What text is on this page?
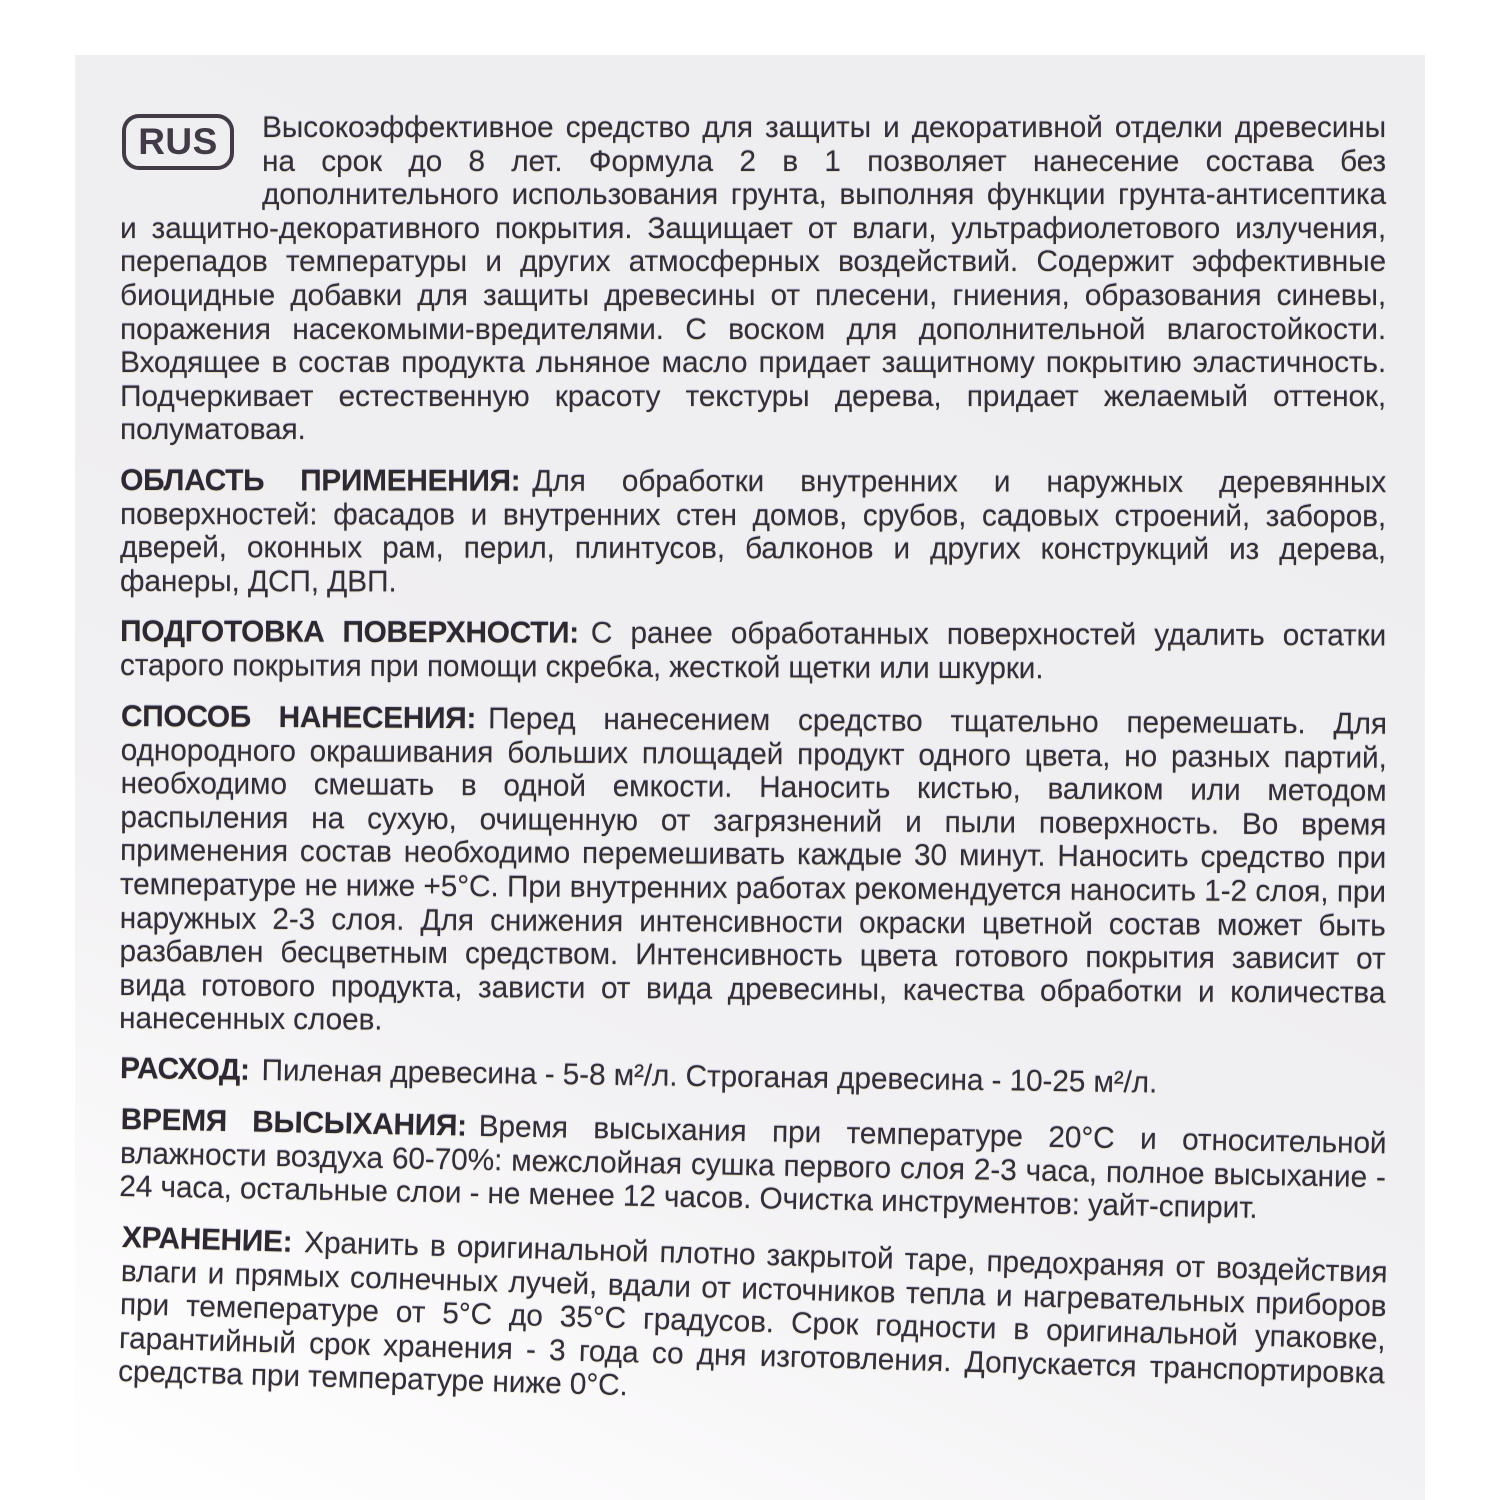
RUS Высокоэффективное средство для защиты и декоративной отделки древесины на срок до 8 лет. Формула 2 в 1 позволяет нанесение состава без дополнительного использования грунта, выполняя функции грунта-антисептика и защитно-декоративного покрытия. Защищает от влаги, ультрафиолетового излучения, перепадов температуры и других атмосферных воздействий. Содержит эффективные биоцидные добавки для защиты древесины от плесени, гниения, образования синевы, поражения насекомыми-вредителями. С воском для дополнительной влагостойкости. Входящее в состав продукта льняное масло придает защитному покрытию эластичность. Подчеркивает естественную красоту текстуры дерева, придает желаемый оттенок, полуматовая.

ОБЛАСТЬ ПРИМЕНЕНИЯ: Для обработки внутренних и наружных деревянных поверхностей: фасадов и внутренних стен домов, срубов, садовых строений, заборов, дверей, оконных рам, перил, плинтусов, балконов и других конструкций из дерева, фанеры, ДСП, ДВП.

ПОДГОТОВКА ПОВЕРХНОСТИ: С ранее обработанных поверхностей удалить остатки старого покрытия при помощи скребка, жесткой щетки или шкурки.

СПОСОБ НАНЕСЕНИЯ: Перед нанесением средство тщательно перемешать. Для однородного окрашивания больших площадей продукт одного цвета, но разных партий, необходимо смешать в одной емкости. Наносить кистью, валиком или методом распыления на сухую, очищенную от загрязнений и пыли поверхность. Во время применения состав необходимо перемешивать каждые 30 минут. Наносить средство при температуре не ниже +5°С. При внутренних работах рекомендуется наносить 1-2 слоя, при наружных 2-3 слоя. Для снижения интенсивности окраски цветной состав может быть разбавлен бесцветным средством. Интенсивность цвета готового покрытия зависит от вида готового продукта, зависти от вида древесины, качества обработки и количества нанесенных слоев.

РАСХОД: Пиленая древесина - 5-8 м²/л. Строганая древесина - 10-25 м²/л.

ВРЕМЯ ВЫСЫХАНИЯ: Время высыхания при температуре 20°С и относительной влажности воздуха 60-70%: межслойная сушка первого слоя 2-3 часа, полное высыхание - 24 часа, остальные слои - не менее 12 часов. Очистка инструментов: уайт-спирит.

ХРАНЕНИЕ: Хранить в оригинальной плотно закрытой таре, предохраняя от воздействия влаги и прямых солнечных лучей, вдали от источников тепла и нагревательных приборов при темепературе от 5°С до 35°С градусов. Срок годности в оригинальной упаковке, гарантийный срок хранения - 3 года со дня изготовления. Допускается транспортировка средства при температуре ниже 0°С.
